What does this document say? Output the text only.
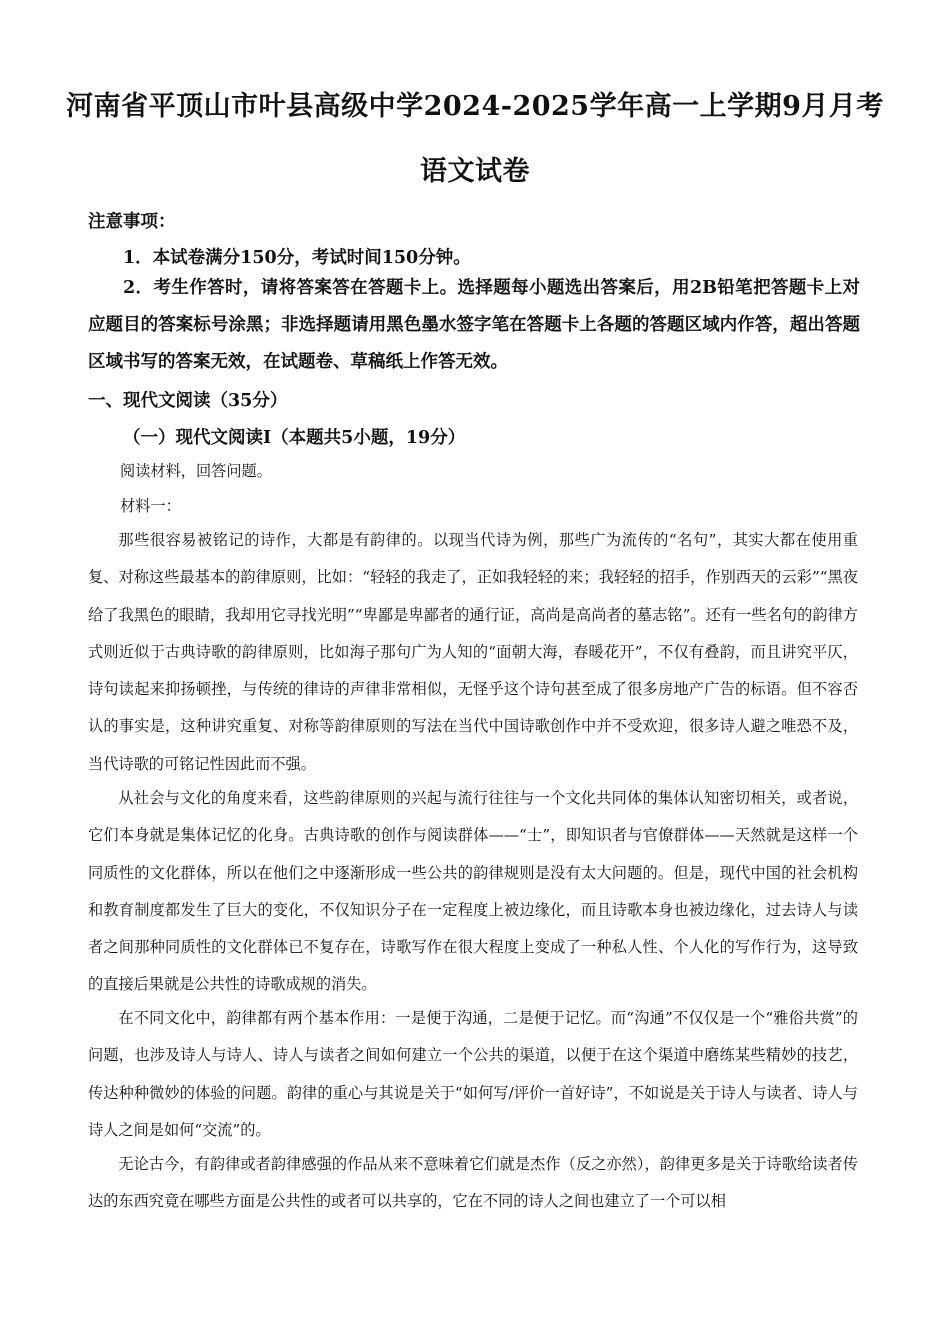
河南省平顶山市叶县高级中学2024-2025学年高一上学期9月月考
语文试卷
注意事项：
1．本试卷满分150分，考试时间150分钟。

2．考生作答时，请将答案答在答题卡上。选择题每小题选出答案后，用2B铅笔把答题卡上对应题目的答案标号涂黑；非选择题请用黑色墨水签字笔在答题卡上各题的答题区域内作答，超出答题区域书写的答案无效，在试题卷、草稿纸上作答无效。

一、现代文阅读（35分）
（一）现代文阅读Ⅰ（本题共5小题，19分）
阅读材料，回答问题。
材料一：

那些很容易被铭记的诗作，大都是有韵律的。以现当代诗为例，那些广为流传的“名句”，其实大都在使用重复、对称这些最基本的韵律原则，比如：“轻轻的我走了，正如我轻轻的来；我轻轻的招手，作别西天的云彩”“黑夜给了我黑色的眼睛，我却用它寻找光明”“卑鄙是卑鄙者的通行证，高尚是高尚者的墓志铭”。还有一些名句的韵律方式则近似于古典诗歌的韵律原则，比如海子那句广为人知的“面朝大海，春暖花开”，不仅有叠韵，而且讲究平仄，诗句读起来抑扬顿挫，与传统的律诗的声律非常相似，无怪乎这个诗句甚至成了很多房地产广告的标语。但不容否认的事实是，这种讲究重复、对称等韵律原则的写法在当代中国诗歌创作中并不受欢迎，很多诗人避之唯恐不及，当代诗歌的可铭记性因此而不强。

从社会与文化的角度来看，这些韵律原则的兴起与流行往往与一个文化共同体的集体认知密切相关，或者说，它们本身就是集体记忆的化身。古典诗歌的创作与阅读群体——“士”，即知识者与官僚群体——天然就是这样一个同质性的文化群体，所以在他们之中逐渐形成一些公共的韵律规则是没有太大问题的。但是，现代中国的社会机构和教育制度都发生了巨大的变化，不仅知识分子在一定程度上被边缘化，而且诗歌本身也被边缘化，过去诗人与读者之间那种同质性的文化群体已不复存在，诗歌写作在很大程度上变成了一种私人性、个人化的写作行为，这导致的直接后果就是公共性的诗歌成规的消失。

在不同文化中，韵律都有两个基本作用：一是便于沟通，二是便于记忆。而“沟通”不仅仅是一个“雅俗共赏”的问题，也涉及诗人与诗人、诗人与读者之间如何建立一个公共的渠道，以便于在这个渠道中磨练某些精妙的技艺，传达种种微妙的体验的问题。韵律的重心与其说是关于“如何写/评价一首好诗”，不如说是关于诗人与读者、诗人与诗人之间是如何“交流”的。

无论古今，有韵律或者韵律感强的作品从来不意味着它们就是杰作（反之亦然），韵律更多是关于诗歌给读者传达的东西究竟在哪些方面是公共性的或者可以共享的，它在不同的诗人之间也建立了一个可以相
